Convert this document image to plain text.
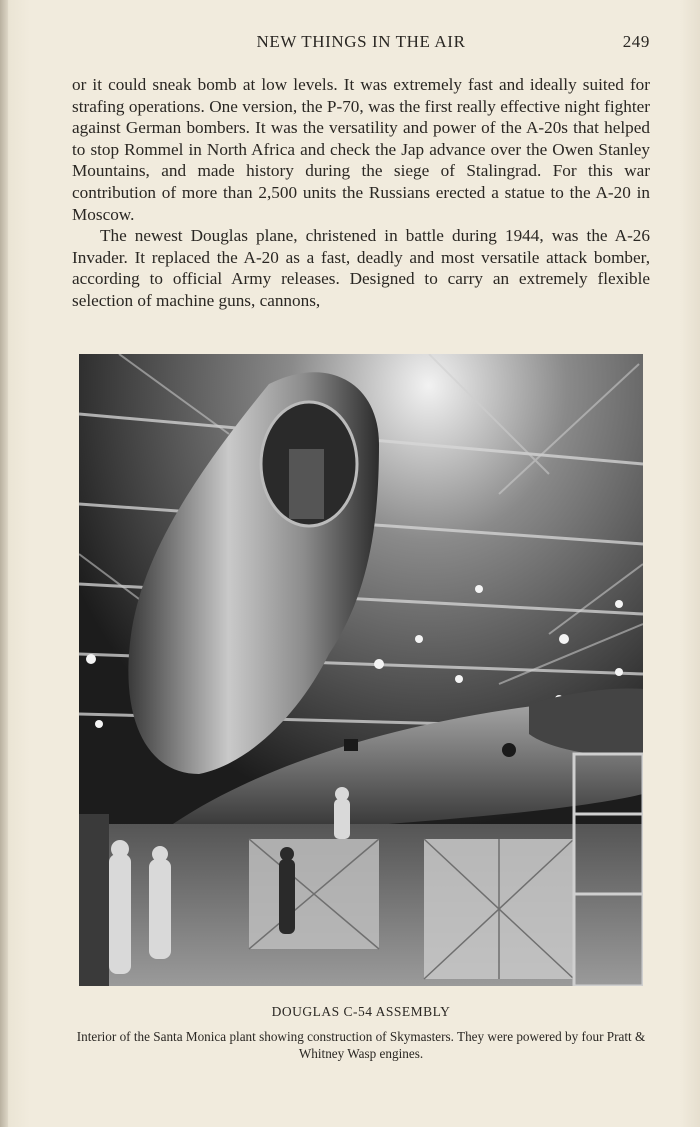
NEW THINGS IN THE AIR	249

or it could sneak bomb at low levels. It was extremely fast and ideally suited for strafing operations. One version, the P-70, was the first really effective night fighter against German bombers. It was the versatility and power of the A-20s that helped to stop Rommel in North Africa and check the Jap advance over the Owen Stanley Mountains, and made history during the siege of Stalingrad. For this war contribution of more than 2,500 units the Russians erected a statue to the A-20 in Moscow.

The newest Douglas plane, christened in battle during 1944, was the A-26 Invader. It replaced the A-20 as a fast, deadly and most versatile attack bomber, according to official Army releases. Designed to carry an extremely flexible selection of machine guns, cannons,

DOUGLAS C-54 ASSEMBLY
Interior of the Santa Monica plant showing construction of Skymasters. They were powered by four Pratt & Whitney Wasp engines.
